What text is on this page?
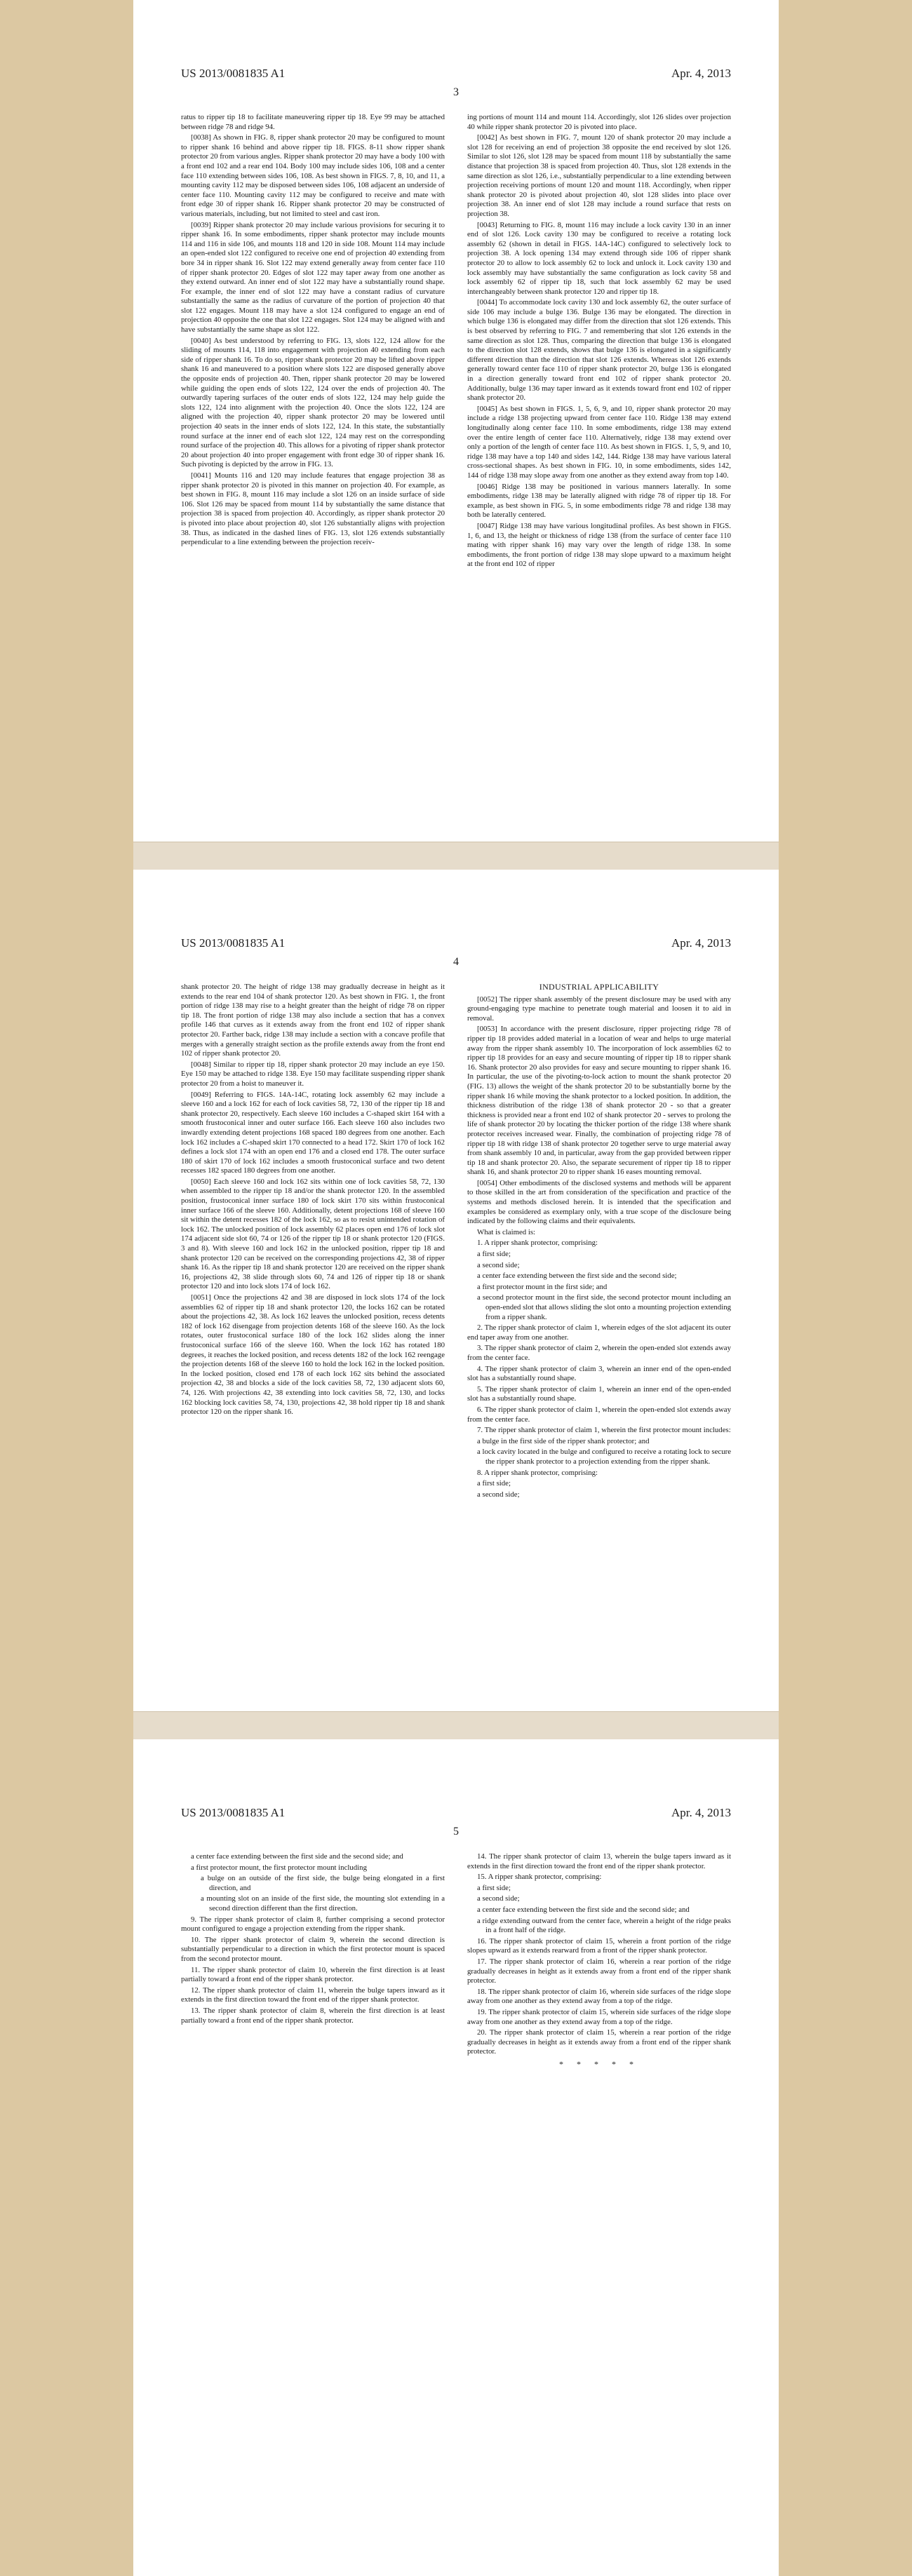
US 2013/0081835 A1	Apr. 4, 2013
3

ratus to ripper tip 18 to facilitate maneuvering ripper tip 18. Eye 99 may be attached between ridge 78 and ridge 94.

[0038] As shown in FIG. 8, ripper shank protector 20 may be configured to mount to ripper shank 16 behind and above ripper tip 18. FIGS. 8-11 show ripper shank protector 20 from various angles. Ripper shank protector 20 may have a body 100 with a front end 102 and a rear end 104. Body 100 may include sides 106, 108 and a center face 110 extending between sides 106, 108. As best shown in FIGS. 7, 8, 10, and 11, a mounting cavity 112 may be disposed between sides 106, 108 adjacent an underside of center face 110. Mounting cavity 112 may be configured to receive and mate with front edge 30 of ripper shank 16. Ripper shank protector 20 may be constructed of various materials, including, but not limited to steel and cast iron.

[0039] Ripper shank protector 20 may include various provisions for securing it to ripper shank 16. In some embodiments, ripper shank protector may include mounts 114 and 116 in side 106, and mounts 118 and 120 in side 108. Mount 114 may include an open-ended slot 122 configured to receive one end of projection 40 extending from bore 34 in ripper shank 16. Slot 122 may extend generally away from center face 110 of ripper shank protector 20. Edges of slot 122 may taper away from one another as they extend outward. An inner end of slot 122 may have a substantially round shape. For example, the inner end of slot 122 may have a constant radius of curvature substantially the same as the radius of curvature of the portion of projection 40 that slot 122 engages. Mount 118 may have a slot 124 configured to engage an end of projection 40 opposite the one that slot 122 engages. Slot 124 may be aligned with and have substantially the same shape as slot 122.

[0040] As best understood by referring to FIG. 13, slots 122, 124 allow for the sliding of mounts 114, 118 into engagement with projection 40 extending from each side of ripper shank 16. To do so, ripper shank protector 20 may be lifted above ripper shank 16 and maneuvered to a position where slots 122 are disposed generally above the opposite ends of projection 40. Then, ripper shank protector 20 may be lowered while guiding the open ends of slots 122, 124 over the ends of projection 40. The outwardly tapering surfaces of the outer ends of slots 122, 124 may help guide the slots 122, 124 into alignment with the projection 40. Once the slots 122, 124 are aligned with the projection 40, ripper shank protector 20 may be lowered until projection 40 seats in the inner ends of slots 122, 124. In this state, the substantially round surface at the inner end of each slot 122, 124 may rest on the corresponding round surface of the projection 40. This allows for a pivoting of ripper shank protector 20 about projection 40 into proper engagement with front edge 30 of ripper shank 16. Such pivoting is depicted by the arrow in FIG. 13.

[0041] Mounts 116 and 120 may include features that engage projection 38 as ripper shank protector 20 is pivoted in this manner on projection 40. For example, as best shown in FIG. 8, mount 116 may include a slot 126 on an inside surface of side 106. Slot 126 may be spaced from mount 114 by substantially the same distance that projection 38 is spaced from projection 40. Accordingly, as ripper shank protector 20 is pivoted into place about projection 40, slot 126 substantially aligns with projection 38. Thus, as indicated in the dashed lines of FIG. 13, slot 126 extends substantially perpendicular to a line extending between the projection receiv-

ing portions of mount 114 and mount 114. Accordingly, slot 126 slides over projection 40 while ripper shank protector 20 is pivoted into place.

[0042] As best shown in FIG. 7, mount 120 of shank protector 20 may include a slot 128 for receiving an end of projection 38 opposite the end received by slot 126. Similar to slot 126, slot 128 may be spaced from mount 118 by substantially the same distance that projection 38 is spaced from projection 40. Thus, slot 128 extends in the same direction as slot 126, i.e., substantially perpendicular to a line extending between projection receiving portions of mount 120 and mount 118. Accordingly, when ripper shank protector 20 is pivoted about projection 40, slot 128 slides into place over projection 38. An inner end of slot 128 may include a round surface that rests on projection 38.

[0043] Returning to FIG. 8, mount 116 may include a lock cavity 130 in an inner end of slot 126. Lock cavity 130 may be configured to receive a rotating lock assembly 62 (shown in detail in FIGS. 14A-14C) configured to selectively lock to projection 38. A lock opening 134 may extend through side 106 of ripper shank protector 20 to allow to lock assembly 62 to lock and unlock it. Lock cavity 130 and lock assembly may have substantially the same configuration as lock cavity 58 and lock assembly 62 of ripper tip 18, such that lock assembly 62 may be used interchangeably between shank protector 120 and ripper tip 18.

[0044] To accommodate lock cavity 130 and lock assembly 62, the outer surface of side 106 may include a bulge 136. Bulge 136 may be elongated. The direction in which bulge 136 is elongated may differ from the direction that slot 126 extends. This is best observed by referring to FIG. 7 and remembering that slot 126 extends in the same direction as slot 128. Thus, comparing the direction that bulge 136 is elongated to the direction slot 128 extends, shows that bulge 136 is elongated in a significantly different direction than the direction that slot 126 extends. Whereas slot 126 extends generally toward center face 110 of ripper shank protector 20, bulge 136 is elongated in a direction generally toward front end 102 of ripper shank protector 20. Additionally, bulge 136 may taper inward as it extends toward front end 102 of ripper shank protector 20.

[0045] As best shown in FIGS. 1, 5, 6, 9, and 10, ripper shank protector 20 may include a ridge 138 projecting upward from center face 110. Ridge 138 may extend longitudinally along center face 110. In some embodiments, ridge 138 may extend over the entire length of center face 110. Alternatively, ridge 138 may extend over only a portion of the length of center face 110. As best shown in FIGS. 1, 5, 9, and 10, ridge 138 may have a top 140 and sides 142, 144. Ridge 138 may have various lateral cross-sectional shapes. As best shown in FIG. 10, in some embodiments, sides 142, 144 of ridge 138 may slope away from one another as they extend away from top 140.

[0046] Ridge 138 may be positioned in various manners laterally. In some embodiments, ridge 138 may be laterally aligned with ridge 78 of ripper tip 18. For example, as best shown in FIG. 5, in some embodiments ridge 78 and ridge 138 may both be laterally centered.

[0047] Ridge 138 may have various longitudinal profiles. As best shown in FIGS. 1, 6, and 13, the height or thickness of ridge 138 (from the surface of center face 110 mating with ripper shank 16) may vary over the length of ridge 138. In some embodiments, the front portion of ridge 138 may slope upward to a maximum height at the front end 102 of ripper

US 2013/0081835 A1	Apr. 4, 2013
4

shank protector 20. The height of ridge 138 may gradually decrease in height as it extends to the rear end 104 of shank protector 120. As best shown in FIG. 1, the front portion of ridge 138 may rise to a height greater than the height of ridge 78 on ripper tip 18. The front portion of ridge 138 may also include a section that has a convex profile 146 that curves as it extends away from the front end 102 of ripper shank protector 20. Farther back, ridge 138 may include a section with a concave profile that merges with a generally straight section as the profile extends away from the front end 102 of ripper shank protector 20.

[0048] Similar to ripper tip 18, ripper shank protector 20 may include an eye 150. Eye 150 may be attached to ridge 138. Eye 150 may facilitate suspending ripper shank protector 20 from a hoist to maneuver it.

[0049] Referring to FIGS. 14A-14C, rotating lock assembly 62 may include a sleeve 160 and a lock 162 for each of lock cavities 58, 72, 130 of the ripper tip 18 and shank protector 20, respectively. Each sleeve 160 includes a C-shaped skirt 164 with a smooth frustoconical inner and outer surface 166. Each sleeve 160 also includes two inwardly extending detent projections 168 spaced 180 degrees from one another. Each lock 162 includes a C-shaped skirt 170 connected to a head 172. Skirt 170 of lock 162 defines a lock slot 174 with an open end 176 and a closed end 178. The outer surface 180 of skirt 170 of lock 162 includes a smooth frustoconical surface and two detent recesses 182 spaced 180 degrees from one another.

[0050] Each sleeve 160 and lock 162 sits within one of lock cavities 58, 72, 130 when assembled to the ripper tip 18 and/or the shank protector 120. In the assembled position, frustoconical inner surface 180 of lock skirt 170 sits within frustoconical inner surface 166 of the sleeve 160. Additionally, detent projections 168 of sleeve 160 sit within the detent recesses 182 of the lock 162, so as to resist unintended rotation of lock 162. The unlocked position of lock assembly 62 places open end 176 of lock slot 174 adjacent side slot 60, 74 or 126 of the ripper tip 18 or shank protector 120 (FIGS. 3 and 8). With sleeve 160 and lock 162 in the unlocked position, ripper tip 18 and shank protector 120 can be received on the corresponding projections 42, 38 of ripper shank 16. As the ripper tip 18 and shank protector 120 are received on the ripper shank 16, projections 42, 38 slide through slots 60, 74 and 126 of ripper tip 18 or shank protector 120 and into lock slots 174 of lock 162.

[0051] Once the projections 42 and 38 are disposed in lock slots 174 of the lock assemblies 62 of ripper tip 18 and shank protector 120, the locks 162 can be rotated about the projections 42, 38. As lock 162 leaves the unlocked position, recess detents 182 of lock 162 disengage from projection detents 168 of the sleeve 160. As the lock rotates, outer frustoconical surface 180 of the lock 162 slides along the inner frustoconical surface 166 of the sleeve 160. When the lock 162 has rotated 180 degrees, it reaches the locked position, and recess detents 182 of the lock 162 reengage the projection detents 168 of the sleeve 160 to hold the lock 162 in the locked position. In the locked position, closed end 178 of each lock 162 sits behind the associated projection 42, 38 and blocks a side of the lock cavities 58, 72, 130 adjacent slots 60, 74, 126. With projections 42, 38 extending into lock cavities 58, 72, 130, and locks 162 blocking lock cavities 58, 74, 130, projections 42, 38 hold ripper tip 18 and shank protector 120 on the ripper shank 16.

INDUSTRIAL APPLICABILITY

[0052] The ripper shank assembly of the present disclosure may be used with any ground-engaging type machine to penetrate tough material and loosen it to aid in removal.

[0053] In accordance with the present disclosure, ripper projecting ridge 78 of ripper tip 18 provides added material in a location of wear and helps to urge material away from the ripper shank assembly 10. The incorporation of lock assemblies 62 to ripper tip 18 provides for an easy and secure mounting of ripper tip 18 to ripper shank 16. Shank protector 20 also provides for easy and secure mounting to ripper shank 16. In particular, the use of the pivoting-to-lock action to mount the shank protector 20 (FIG. 13) allows the weight of the shank protector 20 to be substantially borne by the ripper shank 16 while moving the shank protector to a locked position. In addition, the thickness distribution of the ridge 138 of shank protector 20 - so that a greater thickness is provided near a front end 102 of shank protector 20 - serves to prolong the life of shank protector 20 by locating the thicker portion of the ridge 138 where shank protector receives increased wear. Finally, the combination of projecting ridge 78 of ripper tip 18 with ridge 138 of shank protector 20 together serve to urge material away from shank assembly 10 and, in particular, away from the gap provided between ripper tip 18 and shank protector 20. Also, the separate securement of ripper tip 18 to ripper shank 16, and shank protector 20 to ripper shank 16 eases mounting removal.

[0054] Other embodiments of the disclosed systems and methods will be apparent to those skilled in the art from consideration of the specification and practice of the systems and methods disclosed herein. It is intended that the specification and examples be considered as exemplary only, with a true scope of the disclosure being indicated by the following claims and their equivalents.

What is claimed is:

1. A ripper shank protector, comprising:

a first side;

a second side;

a center face extending between the first side and the second side;

a first protector mount in the first side; and

a second protector mount in the first side, the second protector mount including an open-ended slot that allows sliding the slot onto a mounting projection extending from a ripper shank.

2. The ripper shank protector of claim 1, wherein edges of the slot adjacent its outer end taper away from one another.

3. The ripper shank protector of claim 2, wherein the open-ended slot extends away from the center face.

4. The ripper shank protector of claim 3, wherein an inner end of the open-ended slot has a substantially round shape.

5. The ripper shank protector of claim 1, wherein an inner end of the open-ended slot has a substantially round shape.

6. The ripper shank protector of claim 1, wherein the open-ended slot extends away from the center face.

7. The ripper shank protector of claim 1, wherein the first protector mount includes:

a bulge in the first side of the ripper shank protector; and

a lock cavity located in the bulge and configured to receive a rotating lock to secure the ripper shank protector to a projection extending from the ripper shank.

8. A ripper shank protector, comprising:

a first side;

a second side;

US 2013/0081835 A1	Apr. 4, 2013
5

a center face extending between the first side and the second side; and

a first protector mount, the first protector mount including

a bulge on an outside of the first side, the bulge being elongated in a first direction, and

a mounting slot on an inside of the first side, the mounting slot extending in a second direction different than the first direction.

9. The ripper shank protector of claim 8, further comprising a second protector mount configured to engage a projection extending from the ripper shank.

10. The ripper shank protector of claim 9, wherein the second direction is substantially perpendicular to a direction in which the first protector mount is spaced from the second protector mount.

11. The ripper shank protector of claim 10, wherein the first direction is at least partially toward a front end of the ripper shank protector.

12. The ripper shank protector of claim 11, wherein the bulge tapers inward as it extends in the first direction toward the front end of the ripper shank protector.

13. The ripper shank protector of claim 8, wherein the first direction is at least partially toward a front end of the ripper shank protector.

14. The ripper shank protector of claim 13, wherein the bulge tapers inward as it extends in the first direction toward the front end of the ripper shank protector.

15. A ripper shank protector, comprising:

a first side;

a second side;

a center face extending between the first side and the second side; and

a ridge extending outward from the center face, wherein a height of the ridge peaks in a front half of the ridge.

16. The ripper shank protector of claim 15, wherein a front portion of the ridge slopes upward as it extends rearward from a front of the ripper shank protector.

17. The ripper shank protector of claim 16, wherein a rear portion of the ridge gradually decreases in height as it extends away from a front end of the ripper shank protector.

18. The ripper shank protector of claim 16, wherein side surfaces of the ridge slope away from one another as they extend away from a top of the ridge.

19. The ripper shank protector of claim 15, wherein side surfaces of the ridge slope away from one another as they extend away from a top of the ridge.

20. The ripper shank protector of claim 15, wherein a rear portion of the ridge gradually decreases in height as it extends away from a front end of the ripper shank protector.

* * * * *
